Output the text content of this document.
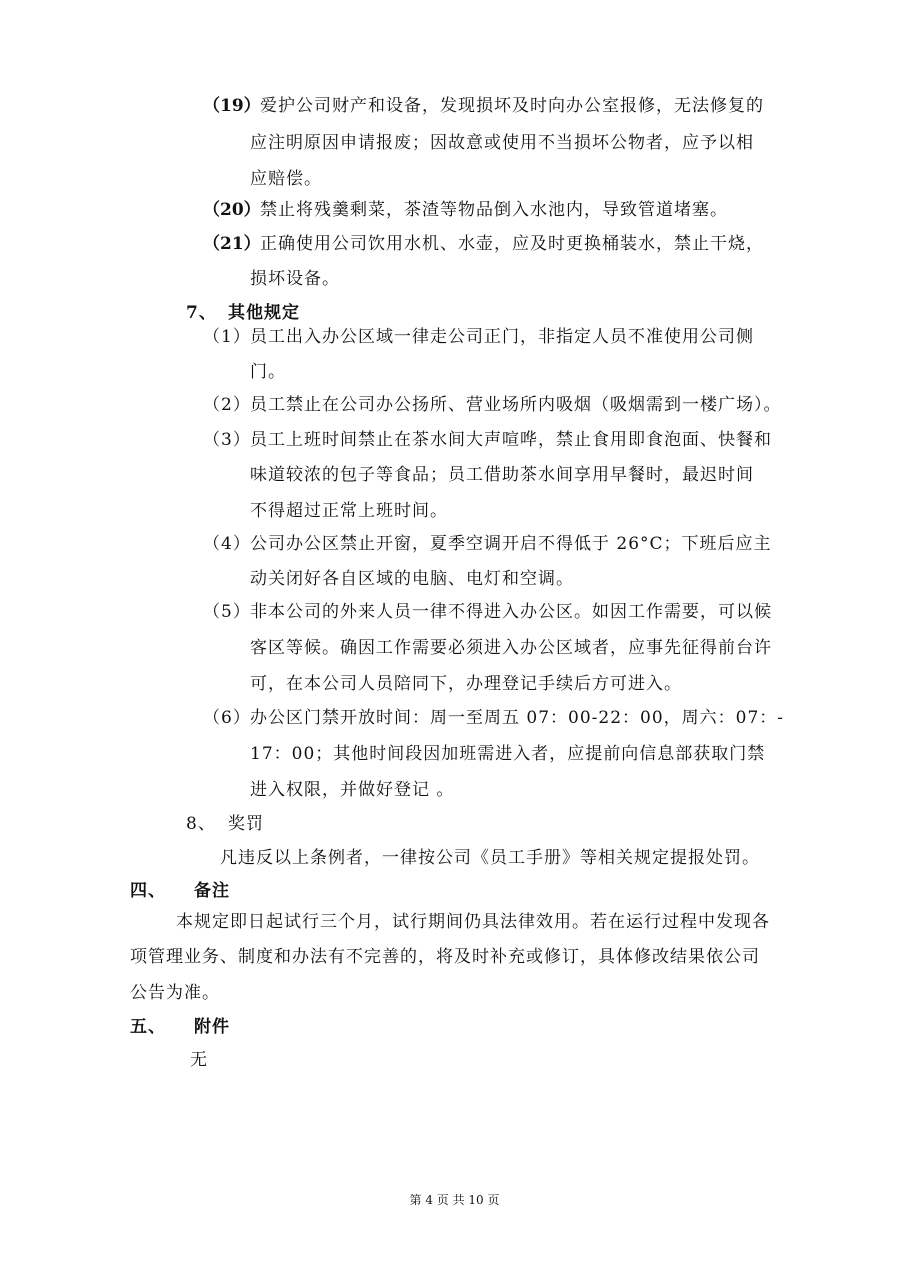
（19） 爱护公司财产和设备，发现损坏及时向办公室报修，无法修复的
应注明原因申请报废；因故意或使用不当损坏公物者，应予以相
应赔偿。
（20） 禁止将残羹剩菜，茶渣等物品倒入水池内，导致管道堵塞。
（21） 正确使用公司饮用水机、水壶，应及时更换桶装水，禁止干烧，
损坏设备。
7、 其他规定
（1） 员工出入办公区域一律走公司正门，非指定人员不准使用公司侧
门。
（2） 员工禁止在公司办公扬所、营业场所内吸烟（吸烟需到一楼广场）。
（3） 员工上班时间禁止在茶水间大声喧哗，禁止食用即食泡面、快餐和
味道较浓的包子等食品；员工借助茶水间享用早餐时，最迟时间
不得超过正常上班时间。
（4） 公司办公区禁止开窗，夏季空调开启不得低于 26°C；下班后应主
动关闭好各自区域的电脑、电灯和空调。
（5） 非本公司的外来人员一律不得进入办公区。如因工作需要，可以候
客区等候。确因工作需要必须进入办公区域者，应事先征得前台许
可，在本公司人员陪同下，办理登记手续后方可进入。
（6） 办公区门禁开放时间：周一至周五 07：00-22：00，周六：07：-
17：00；其他时间段因加班需进入者，应提前向信息部获取门禁
进入权限，并做好登记 。
8、 奖罚
凡违反以上条例者，一律按公司《员工手册》等相关规定提报处罚。
四、 备注
本规定即日起试行三个月，试行期间仍具法律效用。若在运行过程中发现各
项管理业务、制度和办法有不完善的，将及时补充或修订，具体修改结果依公司
公告为准。
五、 附件
无
第 4 页 共 10 页
